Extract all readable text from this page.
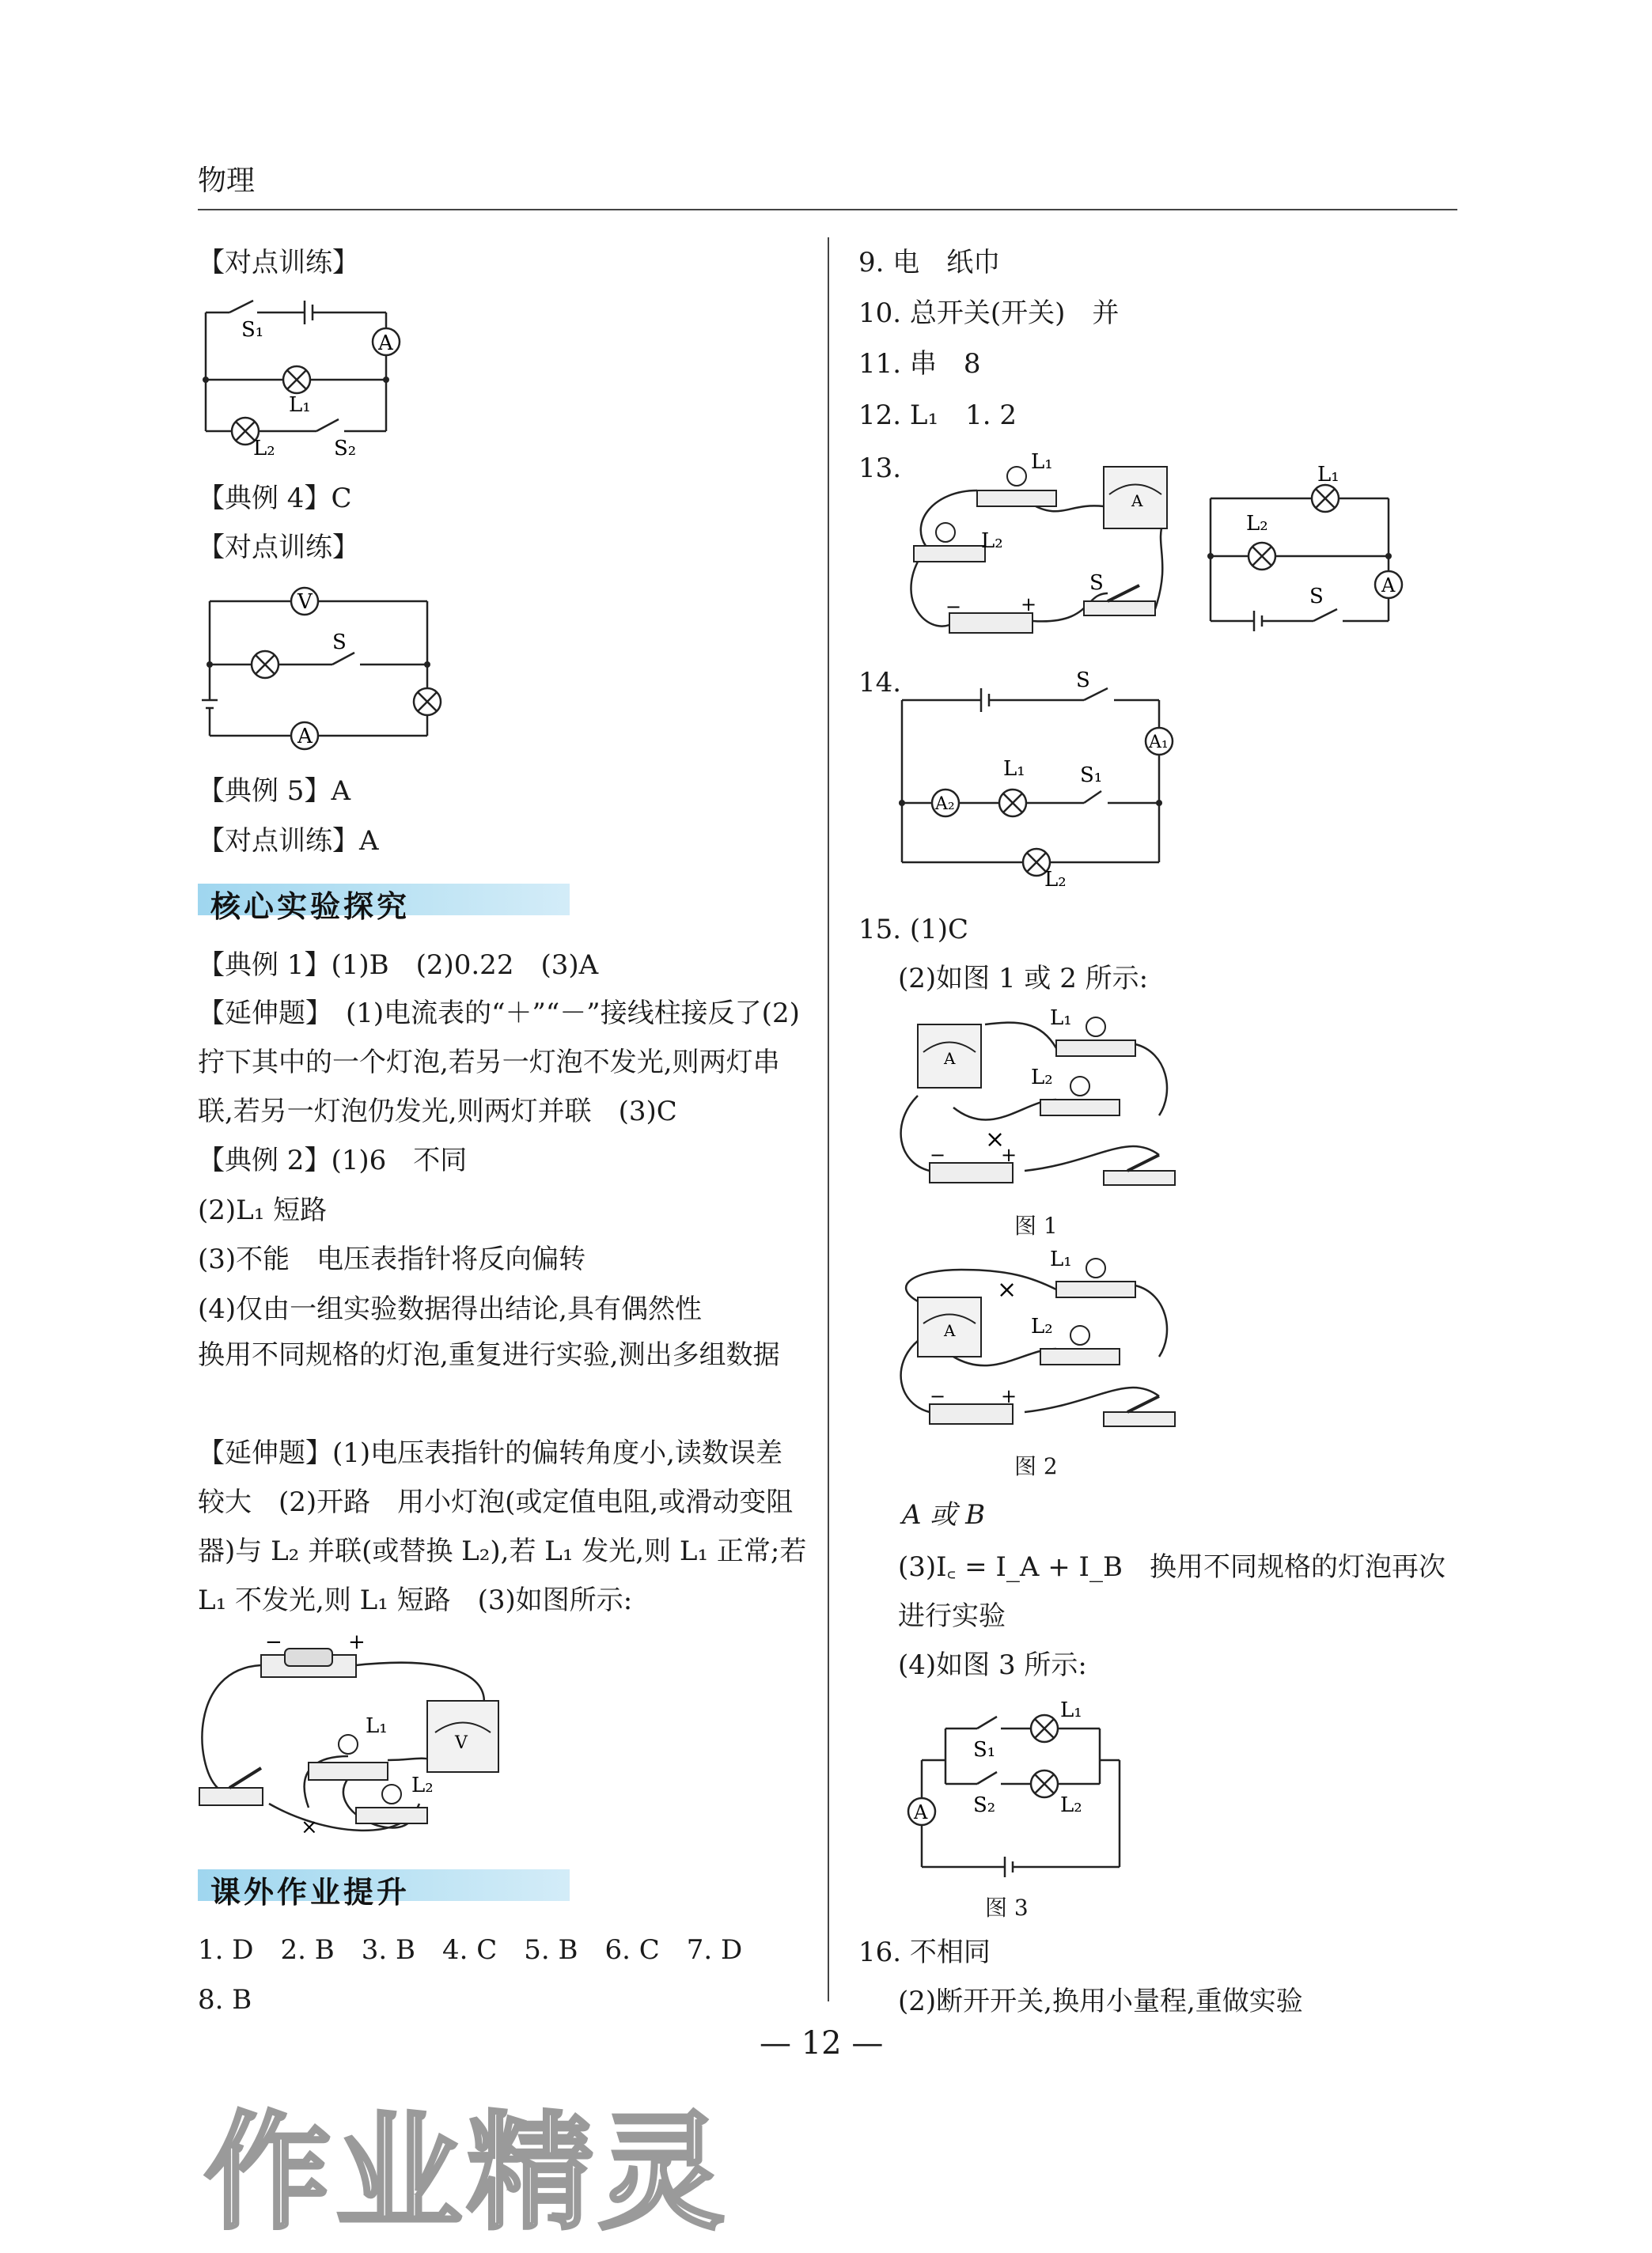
物理
【对点训练】
A
S₁
L₁
L₂	S₂
【典例 4】C
【对点训练】
V
A
S
【典例 5】A
【对点训练】A
核心实验探究
【典例 1】(1)B　(2)0.22　(3)A
【延伸题】　(1)电流表的“＋”“－”接线柱接反了(2)拧下其中的一个灯泡,若另一灯泡不发光,则两灯串联,若另一灯泡仍发光,则两灯并联　(3)C
【典例 2】(1)6　不同
(2)L₁ 短路
(3)不能　电压表指针将反向偏转
(4)仅由一组实验数据得出结论,具有偶然性
换用不同规格的灯泡,重复进行实验,测出多组数据
【延伸题】(1)电压表指针的偏转角度小,读数误差较大　(2)开路　用小灯泡(或定值电阻,或滑动变阻器)与 L₂ 并联(或替换 L₂),若 L₁ 发光,则 L₁ 正常;若 L₁ 不发光,则 L₁ 短路　(3)如图所示:
−	+
L₁
V
L₂
×
课外作业提升
1. D　2. B　3. B　4. C　5. B　6. C　7. D
8. B
9. 电　纸巾
10. 总开关(开关)　并
11. 串　8
12. L₁　1. 2
13.	L₁
L₂
A
−	+
S
L₁
L₂
A
S
14.	S
A₁
A₂
L₁	S₁
L₂
15. (1)C
(2)如图 1 或 2 所示:
A
L₁
L₂
×
−	+
图 1
A
L₁
L₂
×
−	+
图 2
A 或 B
(3)I꜀ = I_A + I_B　换用不同规格的灯泡再次进行实验
(4)如图 3 所示:
A
S₁
S₂
L₁
L₂
图 3
16. 不相同
(2)断开开关,换用小量程,重做实验
— 12 —
作业精灵
